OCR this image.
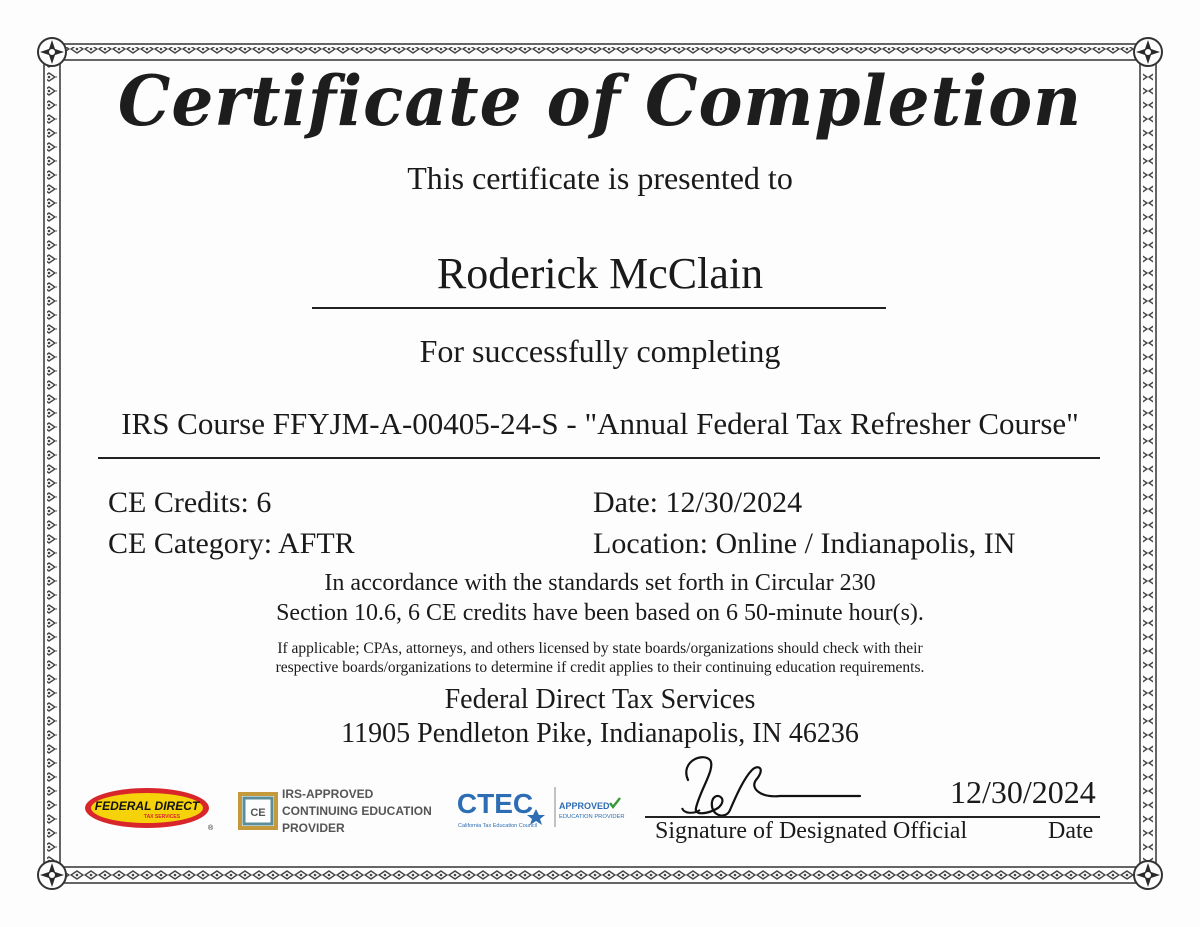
Certificate of Completion
This certificate is presented to
Roderick McClain
For successfully completing
IRS Course FFYJM-A-00405-24-S - "Annual Federal Tax Refresher Course"
CE Credits: 6
CE Category: AFTR
Date: 12/30/2024
Location: Online / Indianapolis, IN
In accordance with the standards set forth in Circular 230
Section 10.6, 6 CE credits have been based on 6 50-minute hour(s).
If applicable; CPAs, attorneys, and others licensed by state boards/organizations should check with their
respective boards/organizations to determine if credit applies to their continuing education requirements.
Federal Direct Tax Services
11905 Pendleton Pike, Indianapolis, IN 46236
FEDERAL DIRECT
TAX SERVICES
®
CE
IRS-APPROVED
CONTINUING EDUCATION
PROVIDER
CTEC
California Tax Education Council
APPROVED
EDUCATION PROVIDER
12/30/2024
Signature of Designated Official	Date
